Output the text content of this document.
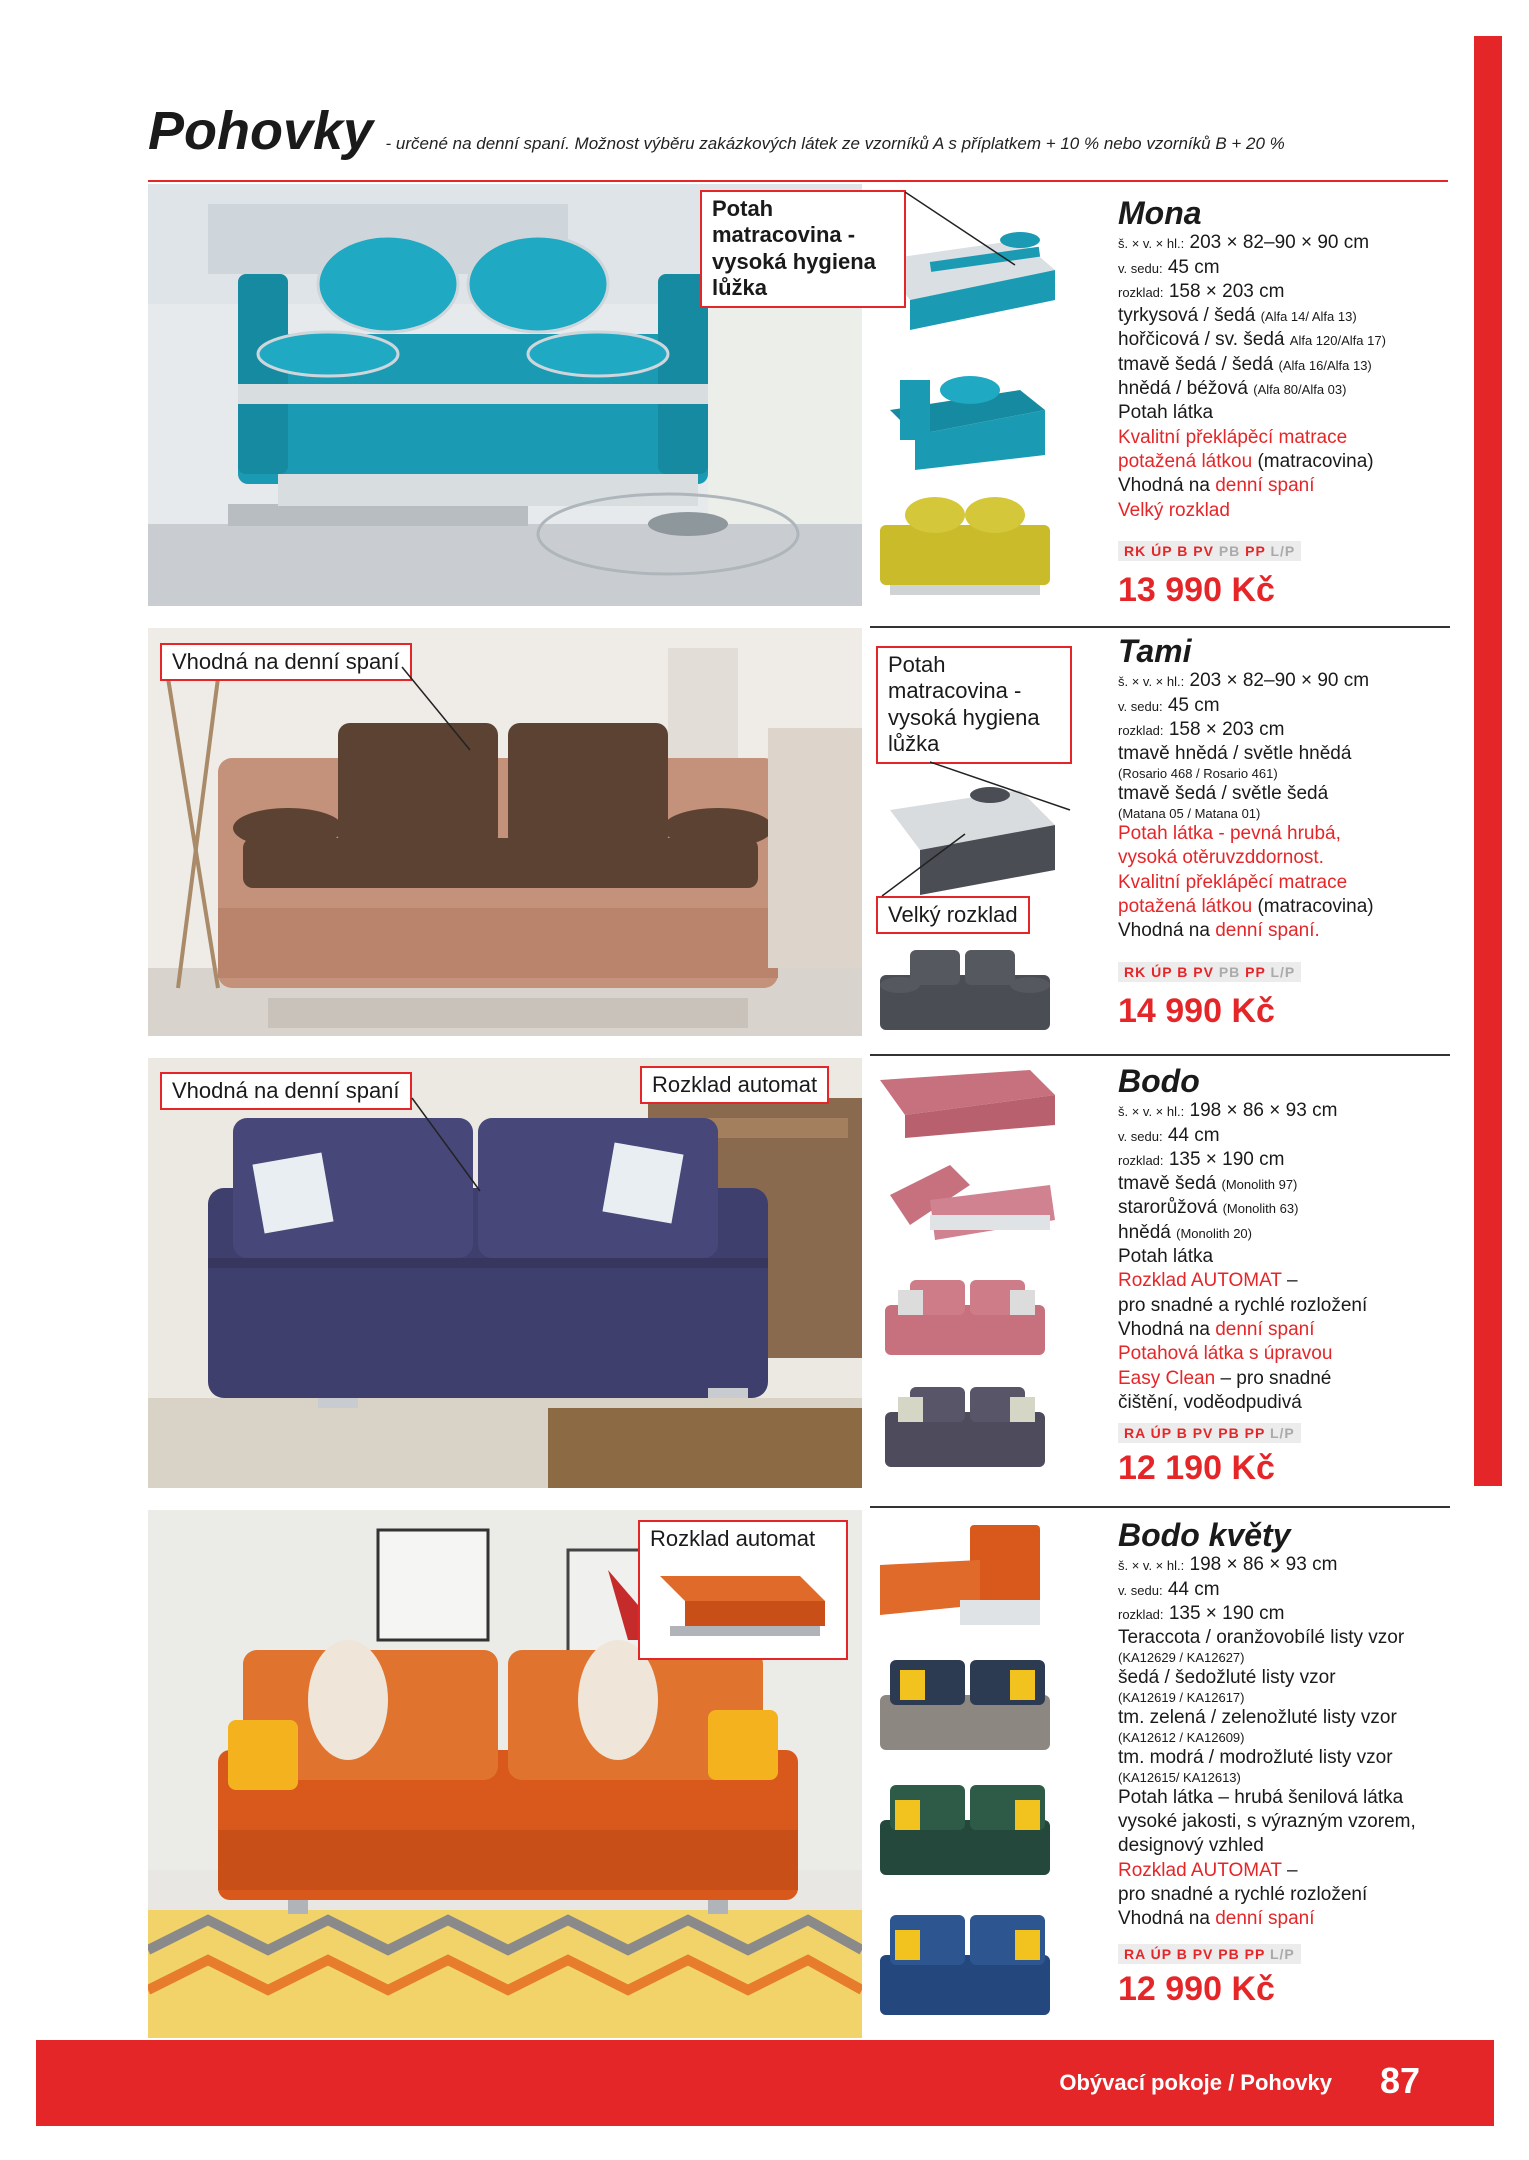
Pohovky - určené na denní spaní. Možnost výběru zakázkových látek ze vzorníků A s příplatkem + 10 % nebo vzorníků B + 20 %
Potah matracovina - vysoká hygiena lůžka
Mona
š. × v. × hl.: 203 × 82–90 × 90 cm
v. sedu: 45 cm
rozklad: 158 × 203 cm
tyrkysová / šedá (Alfa 14/ Alfa 13)
hořčicová / sv. šedá Alfa 120/Alfa 17)
tmavě šedá / šedá (Alfa 16/Alfa 13)
hnědá / béžová (Alfa 80/Alfa 03)
Potah látka
Kvalitní překlápěcí matrace
potažená látkou (matracovina)
Vhodná na denní spaní
Velký rozklad
RK ÚP B PV PB PP L/P
13 990 Kč
Vhodná na denní spaní	Potah matracovina - vysoká hygiena lůžka
Velký rozklad
Tami
š. × v. × hl.: 203 × 82–90 × 90 cm
v. sedu: 45 cm
rozklad: 158 × 203 cm
tmavě hnědá / světle hnědá
(Rosario 468 / Rosario 461)
tmavě šedá / světle šedá
(Matana 05 / Matana 01)
Potah látka - pevná hrubá,
vysoká otěruvzddornost.
Kvalitní překlápěcí matrace
potažená látkou (matracovina)
Vhodná na denní spaní.
RK ÚP B PV PB PP L/P
14 990 Kč
Vhodná na denní spaní	Rozklad automat	Bodo
š. × v. × hl.: 198 × 86 × 93 cm
v. sedu: 44 cm
rozklad: 135 × 190 cm
tmavě šedá (Monolith 97)
starorůžová (Monolith 63)
hnědá (Monolith 20)
Potah látka
Rozklad AUTOMAT –
pro snadné a rychlé rozložení
Vhodná na denní spaní
Potahová látka s úpravou
Easy Clean – pro snadné
čištění, voděodpudivá
RA ÚP B PV PB PP L/P
12 190 Kč
Rozklad automat	Bodo květy
š. × v. × hl.: 198 × 86 × 93 cm
v. sedu: 44 cm
rozklad: 135 × 190 cm
Teraccota / oranžovobílé listy vzor
(KA12629 / KA12627)
šedá / šedožluté listy vzor
(KA12619 / KA12617)
tm. zelená / zelenožluté listy vzor
(KA12612 / KA12609)
tm. modrá / modrožluté listy vzor
(KA12615/ KA12613)
Potah látka – hrubá šenilová látka
vysoké jakosti, s výrazným vzorem,
designový vzhled
Rozklad AUTOMAT –
pro snadné a rychlé rozložení
Vhodná na denní spaní
RA ÚP B PV PB PP L/P
12 990 Kč
Obývací pokoje / Pohovky 87
